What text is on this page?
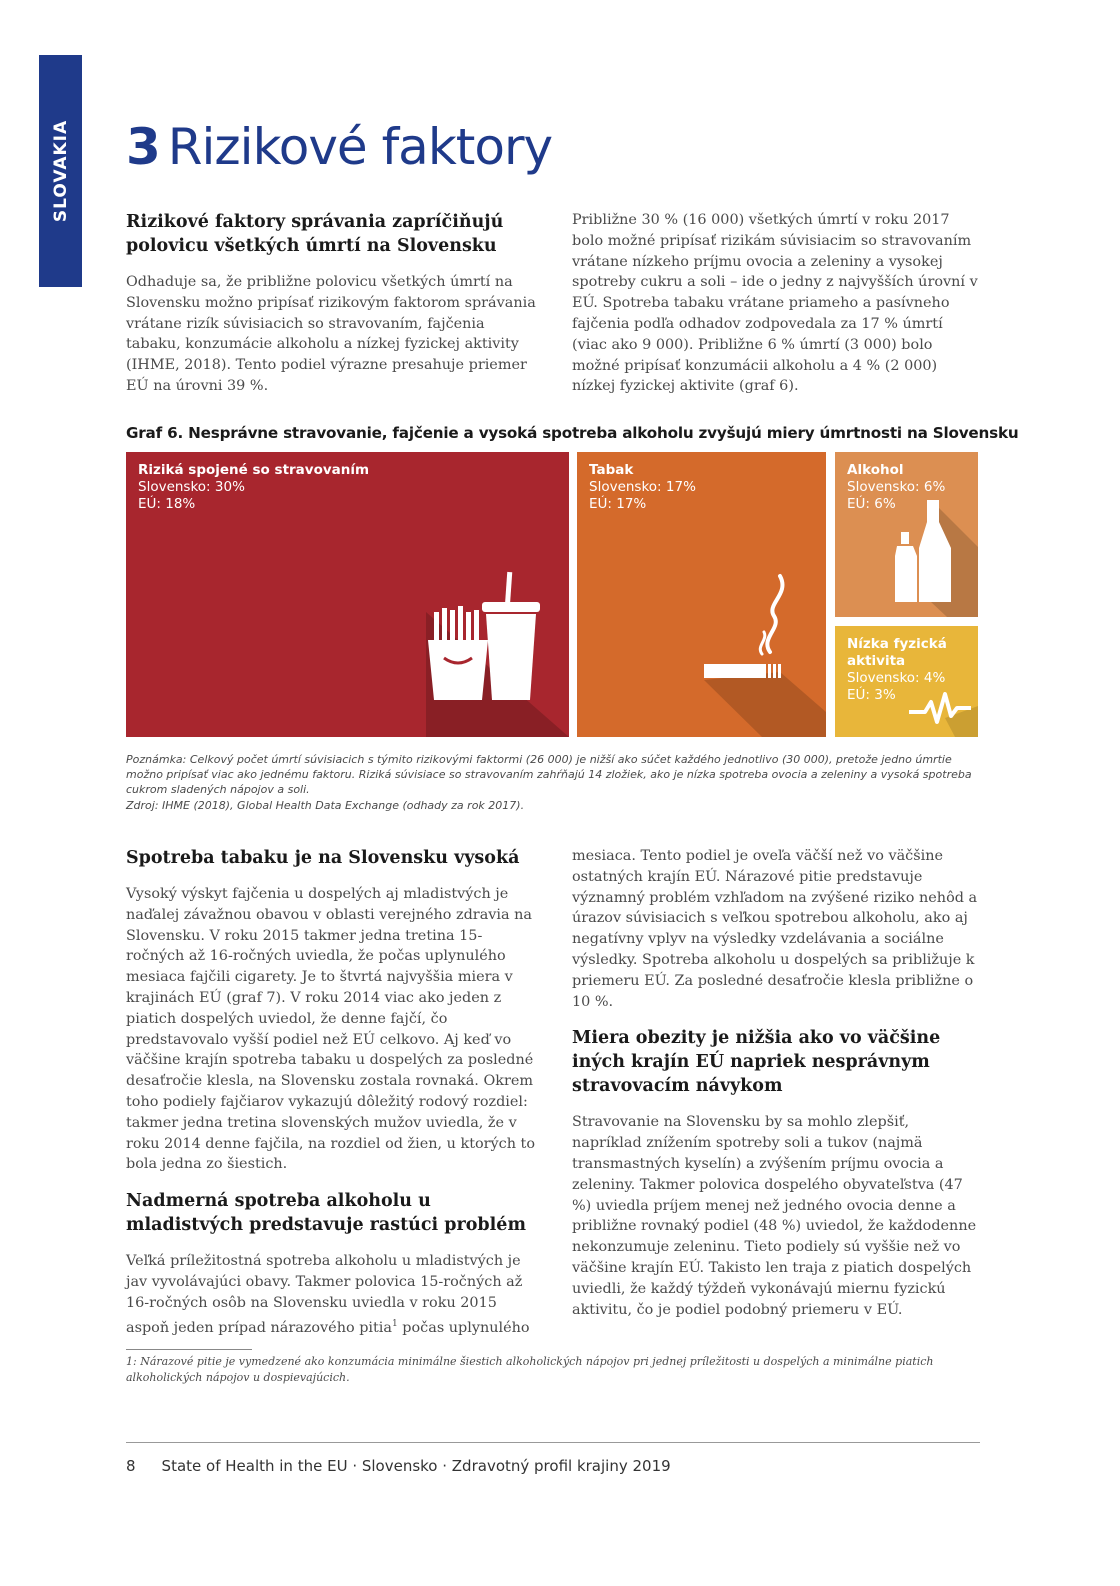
SLOVAKIA 3 Rizikové faktory
Rizikové faktory správania zapríčiňujú polovicu všetkých úmrtí na Slovensku

Odhaduje sa, že približne polovicu všetkých úmrtí na Slovensku možno pripísať rizikovým faktorom správania vrátane rizík súvisiacich so stravovaním, fajčenia tabaku, konzumácie alkoholu a nízkej fyzickej aktivity (IHME, 2018). Tento podiel výrazne presahuje priemer EÚ na úrovni 39 %.

Približne 30 % (16 000) všetkých úmrtí v roku 2017 bolo možné pripísať rizikám súvisiacim so stravovaním vrátane nízkeho príjmu ovocia a zeleniny a vysokej spotreby cukru a soli – ide o jedny z najvyšších úrovní v EÚ. Spotreba tabaku vrátane priameho a pasívneho fajčenia podľa odhadov zodpovedala za 17 % úmrtí (viac ako 9 000). Približne 6 % úmrtí (3 000) bolo možné pripísať konzumácii alkoholu a 4 % (2 000) nízkej fyzickej aktivite (graf 6).

Graf 6. Nesprávne stravovanie, fajčenie a vysoká spotreba alkoholu zvyšujú miery úmrtnosti na Slovensku
Riziká spojené so stravovaním
Slovensko: 30%
EÚ: 18%
Tabak
Slovensko: 17%
EÚ: 17%
Alkohol
Slovensko: 6%
EÚ: 6%
Nízka fyzická aktivita
Slovensko: 4%
EÚ: 3%

Poznámka: Celkový počet úmrtí súvisiacich s týmito rizikovými faktormi (26 000) je nižší ako súčet každého jednotlivo (30 000), pretože jedno úmrtie možno pripísať viac ako jednému faktoru. Riziká súvisiace so stravovaním zahŕňajú 14 zložiek, ako je nízka spotreba ovocia a zeleniny a vysoká spotreba cukrom sladených nápojov a soli.

Zdroj: IHME (2018), Global Health Data Exchange (odhady za rok 2017).

Spotreba tabaku je na Slovensku vysoká

Vysoký výskyt fajčenia u dospelých aj mladistvých je naďalej závažnou obavou v oblasti verejného zdravia na Slovensku. V roku 2015 takmer jedna tretina 15-ročných až 16-ročných uviedla, že počas uplynulého mesiaca fajčili cigarety. Je to štvrtá najvyššia miera v krajinách EÚ (graf 7). V roku 2014 viac ako jeden z piatich dospelých uviedol, že denne fajčí, čo predstavovalo vyšší podiel než EÚ celkovo. Aj keď vo väčšine krajín spotreba tabaku u dospelých za posledné desaťročie klesla, na Slovensku zostala rovnaká. Okrem toho podiely fajčiarov vykazujú dôležitý rodový rozdiel: takmer jedna tretina slovenských mužov uviedla, že v roku 2014 denne fajčila, na rozdiel od žien, u ktorých to bola jedna zo šiestich.

Nadmerná spotreba alkoholu u mladistvých predstavuje rastúci problém

Veľká príležitostná spotreba alkoholu u mladistvých je jav vyvolávajúci obavy. Takmer polovica 15-ročných až 16-ročných osôb na Slovensku uviedla v roku 2015 aspoň jeden prípad nárazového pitia$^1$ počas uplynulého

mesiaca. Tento podiel je oveľa väčší než vo väčšine ostatných krajín EÚ. Nárazové pitie predstavuje významný problém vzhľadom na zvýšené riziko nehôd a úrazov súvisiacich s veľkou spotrebou alkoholu, ako aj negatívny vplyv na výsledky vzdelávania a sociálne výsledky. Spotreba alkoholu u dospelých sa približuje k priemeru EÚ. Za posledné desaťročie klesla približne o 10 %.

Miera obezity je nižšia ako vo väčšine iných krajín EÚ napriek nesprávnym stravovacím návykom

Stravovanie na Slovensku by sa mohlo zlepšiť, napríklad znížením spotreby soli a tukov (najmä transmastných kyselín) a zvýšením príjmu ovocia a zeleniny. Takmer polovica dospelého obyvateľstva (47 %) uviedla príjem menej než jedného ovocia denne a približne rovnaký podiel (48 %) uviedol, že každodenne nekonzumuje zeleninu. Tieto podiely sú vyššie než vo väčšine krajín EÚ. Takisto len traja z piatich dospelých uviedli, že každý týždeň vykonávajú miernu fyzickú aktivitu, čo je podiel podobný priemeru v EÚ.

1: Nárazové pitie je vymedzené ako konzumácia minimálne šiestich alkoholických nápojov pri jednej príležitosti u dospelých a minimálne piatich alkoholických nápojov u dospievajúcich.
8 State of Health in the EU · Slovensko · Zdravotný profil krajiny 2019
